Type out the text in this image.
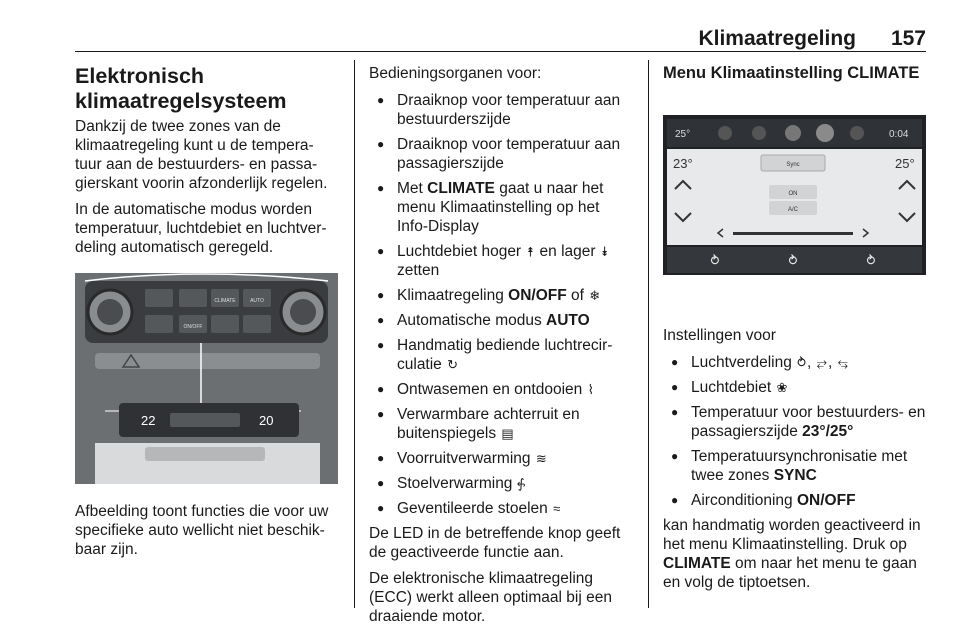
Klimaatregeling 157
Elektronisch
klimaatregelsysteem

Dankzij de twee zones van de klimaatregeling kunt u de tempera-tuur aan de bestuurders- en passa-gierskant voorin afzonderlijk regelen.

In de automatische modus worden temperatuur, luchtdebiet en luchtver-deling automatisch geregeld.

CLIMATE
ON/OFF
AUTO
22	20

Afbeelding toont functies die voor uw specifieke auto wellicht niet beschik-baar zijn.

Bedieningsorganen voor:

● Draaiknop voor temperatuur aan bestuurderszijde
● Draaiknop voor temperatuur aan passagierszijde
● Met CLIMATE gaat u naar het menu Klimaatinstelling op het Info-Display
● Luchtdebiet hoger ⯭ en lager ⯯
zetten
● Klimaatregeling ON/OFF of ❄
● Automatische modus AUTO
● Handmatig bediende luchtrecir-culatie ↻
● Ontwasemen en ontdooien ⌇
● Verwarmbare achterruit en buitenspiegels ▤
● Voorruitverwarming ≋
● Stoelverwarming ⨗
● Geventileerde stoelen ≈

De LED in de betreffende knop geeft de geactiveerde functie aan.

De elektronische klimaatregeling (ECC) werkt alleen optimaal bij een draaiende motor.

Menu Klimaatinstelling CLIMATE
25°	0:04
23°	25°
Sync
ON
A/C
⥁	⥁	⥁

Instellingen voor

● Luchtverdeling ⥁, ⥂, ⥃
● Luchtdebiet ❀
● Temperatuur voor bestuurders- en passagierszijde 23°/25°
● Temperatuursynchronisatie met twee zones SYNC
● Airconditioning ON/OFF

kan handmatig worden geactiveerd in het menu Klimaatinstelling. Druk op CLIMATE om naar het menu te gaan en volg de tiptoetsen.
